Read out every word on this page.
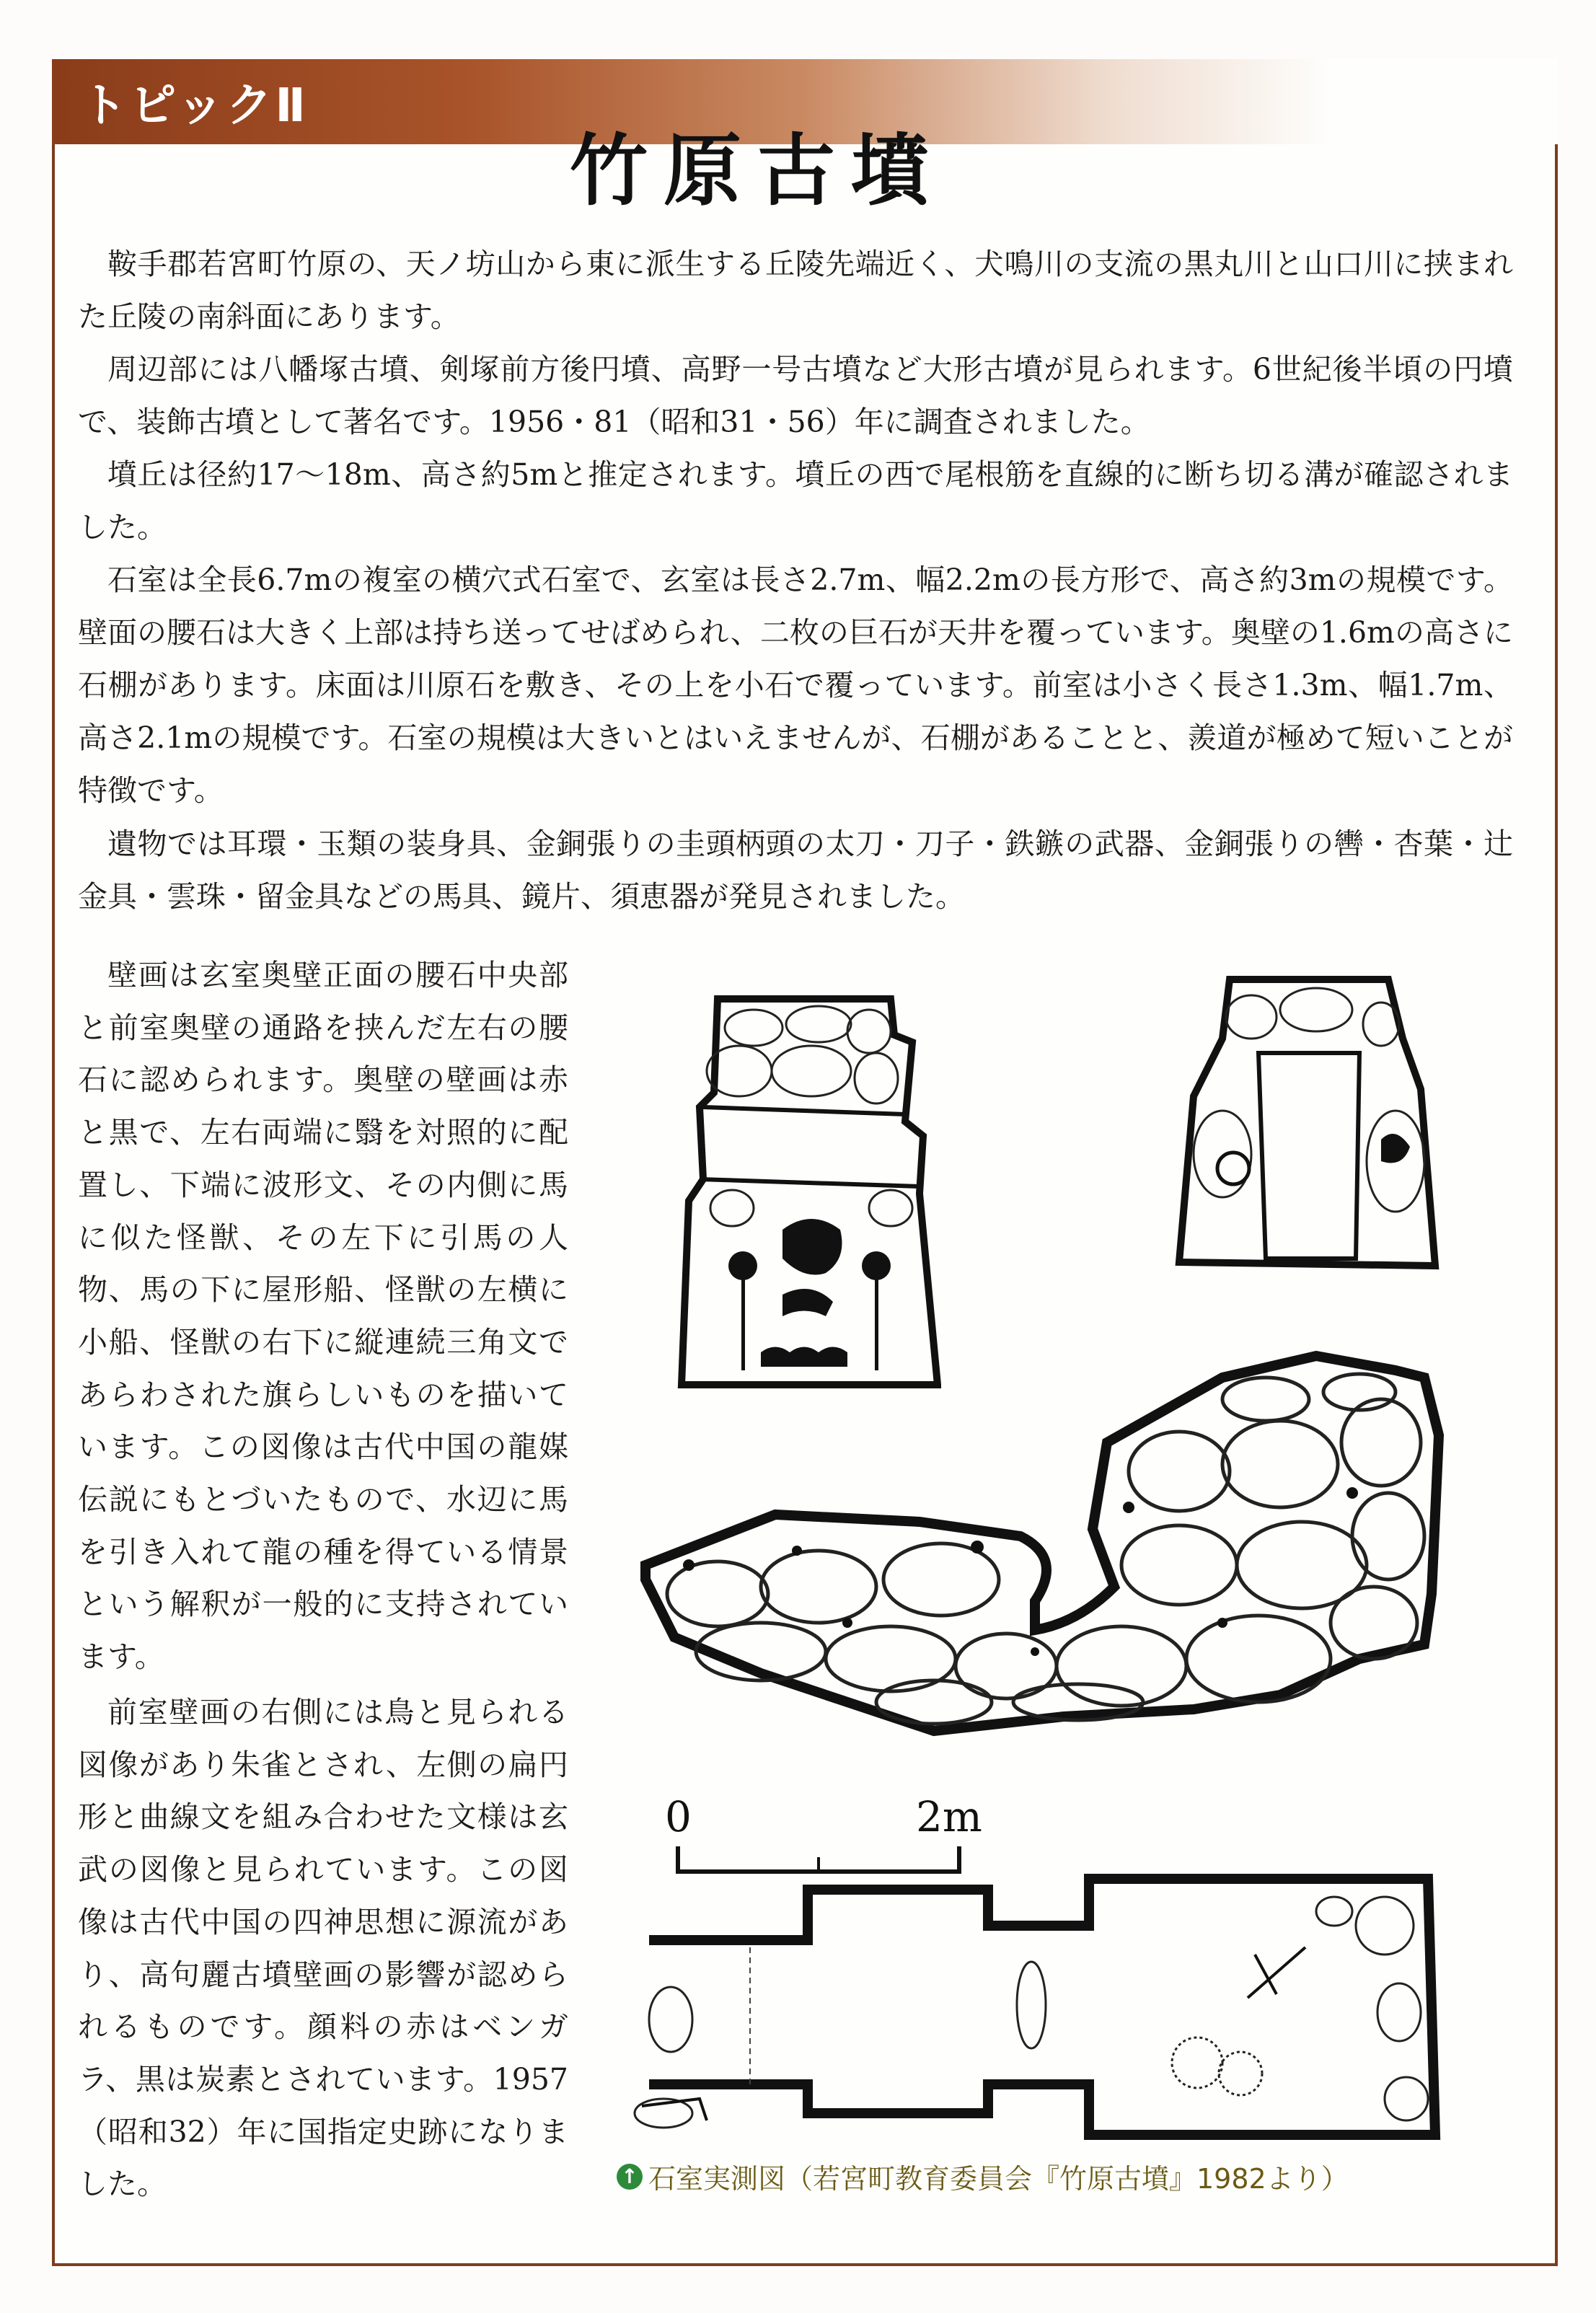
トピックⅡ
竹原古墳

鞍手郡若宮町竹原の、天ノ坊山から東に派生する丘陵先端近く、犬鳴川の支流の黒丸川と山口川に挟まれた丘陵の南斜面にあります。

周辺部には八幡塚古墳、剣塚前方後円墳、高野一号古墳など大形古墳が見られます。6世紀後半頃の円墳で、装飾古墳として著名です。1956・81（昭和31・56）年に調査されました。

墳丘は径約17～18m、高さ約5mと推定されます。墳丘の西で尾根筋を直線的に断ち切る溝が確認されました。

石室は全長6.7mの複室の横穴式石室で、玄室は長さ2.7m、幅2.2mの長方形で、高さ約3mの規模です。壁面の腰石は大きく上部は持ち送ってせばめられ、二枚の巨石が天井を覆っています。奥壁の1.6mの高さに石棚があります。床面は川原石を敷き、その上を小石で覆っています。前室は小さく長さ1.3m、幅1.7m、高さ2.1mの規模です。石室の規模は大きいとはいえませんが、石棚があることと、羨道が極めて短いことが特徴です。

遺物では耳環・玉類の装身具、金銅張りの圭頭柄頭の太刀・刀子・鉄鏃の武器、金銅張りの轡・杏葉・辻金具・雲珠・留金具などの馬具、鏡片、須恵器が発見されました。

壁画は玄室奥壁正面の腰石中央部と前室奥壁の通路を挟んだ左右の腰石に認められます。奥壁の壁画は赤と黒で、左右両端に翳を対照的に配置し、下端に波形文、その内側に馬に似た怪獣、その左下に引馬の人物、馬の下に屋形船、怪獣の左横に小船、怪獣の右下に縦連続三角文であらわされた旗らしいものを描いています。この図像は古代中国の龍媒伝説にもとづいたもので、水辺に馬を引き入れて龍の種を得ている情景という解釈が一般的に支持されています。

前室壁画の右側には鳥と見られる図像があり朱雀とされ、左側の扁円形と曲線文を組み合わせた文様は玄武の図像と見られています。この図像は古代中国の四神思想に源流があり、高句麗古墳壁画の影響が認められるものです。顔料の赤はベンガラ、黒は炭素とされています。1957（昭和32）年に国指定史跡になりました。

0	2m
↑ 石室実測図（若宮町教育委員会『竹原古墳』1982より）
